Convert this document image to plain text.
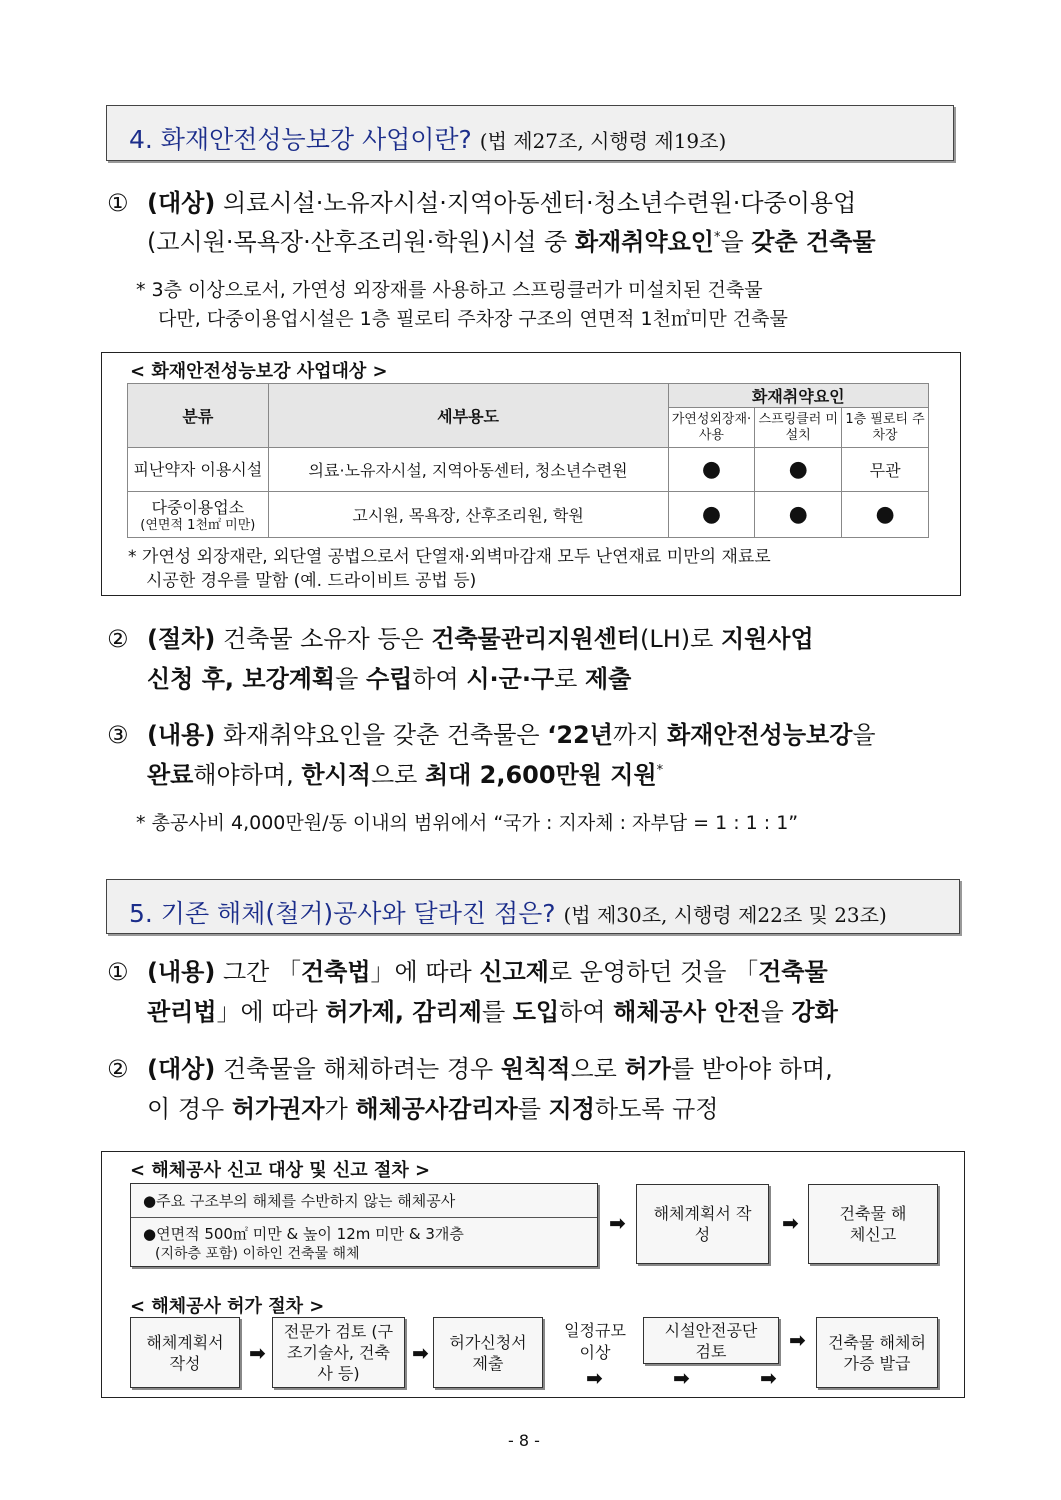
4. 화재안전성능보강 사업이란? (법 제27조, 시행령 제19조)
① (대상) 의료시설·노유자시설·지역아동센터·청소년수련원·다중이용업
(고시원·목욕장·산후조리원·학원)시설 중 화재취약요인*을 갖춘 건축물
* 3층 이상으로서, 가연성 외장재를 사용하고 스프링클러가 미설치된 건축물
다만, 다중이용업시설은 1층 필로티 주차장 구조의 연면적 1천㎡미만 건축물
< 화재안전성능보강 사업대상 >
분류	세부용도	화재취약요인		
		가연성외장재·사용	스프링클러 미설치	1층 필로티 주차장
피난약자 이용시설	의료·노유자시설, 지역아동센터, 청소년수련원	●	●	무관

다중이용업소
(연면적 1천㎡ 미만)	고시원, 목욕장, 산후조리원, 학원	●	●	●
* 가연성 외장재란, 외단열 공법으로서 단열재·외벽마감재 모두 난연재료 미만의 재료로
시공한 경우를 말함 (예. 드라이비트 공법 등)
② (절차) 건축물 소유자 등은 건축물관리지원센터(LH)로 지원사업
신청 후, 보강계획을 수립하여 시·군·구로 제출
③ (내용) 화재취약요인을 갖춘 건축물은 ‘22년까지 화재안전성능보강을
완료해야하며, 한시적으로 최대 2,600만원 지원*
* 총공사비 4,000만원/동 이내의 범위에서 “국가 : 지자체 : 자부담 = 1 : 1 : 1”
5. 기존 해체(철거)공사와 달라진 점은? (법 제30조, 시행령 제22조 및 23조)
① (내용) 그간 「건축법」에 따라 신고제로 운영하던 것을 「건축물
관리법」에 따라 허가제, 감리제를 도입하여 해체공사 안전을 강화
② (대상) 건축물을 해체하려는 경우 원칙적으로 허가를 받아야 하며,
이 경우 허가권자가 해체공사감리자를 지정하도록 규정
< 해체공사 신고 대상 및 신고 절차 >
●주요 구조부의 해체를 수반하지 않는 해체공사
●연면적 500㎡ 미만 & 높이 12m 미만 & 3개층
(지하층 포함) 이하인 건축물 해체
➡	해체계획서 작성	➡	건축물 해체신고
< 해체공사 허가 절차 >
해체계획서 작성	➡
전문가 검토 (구조기술사, 건축사 등)
➡	허가신청서 제출
일정규모 이상
➡
시설안전공단 검토
➡	➡
➡	건축물 해체허가증 발급
- 8 -
